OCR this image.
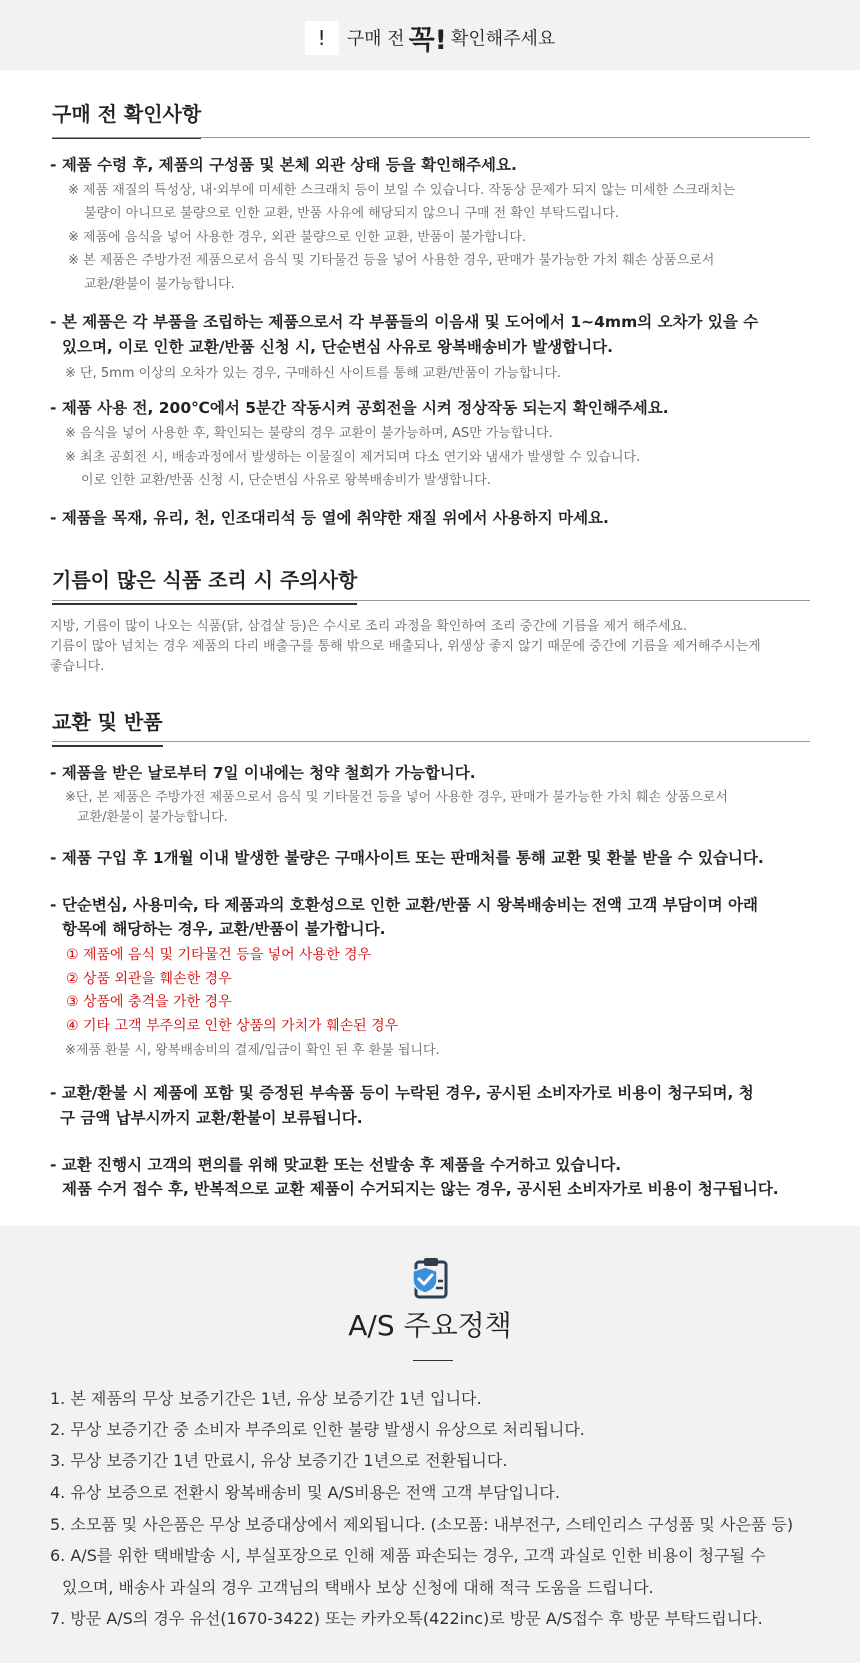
! 구매 전 꼭! 확인해주세요
구매 전 확인사항
- 제품 수령 후, 제품의 구성품 및 본체 외관 상태 등을 확인해주세요.
※ 제품 재질의 특성상, 내·외부에 미세한 스크래치 등이 보일 수 있습니다. 작동상 문제가 되지 않는 미세한 스크래치는
불량이 아니므로 불량으로 인한 교환, 반품 사유에 해당되지 않으니 구매 전 확인 부탁드립니다.
※ 제품에 음식을 넣어 사용한 경우, 외관 불량으로 인한 교환, 반품이 불가합니다.
※ 본 제품은 주방가전 제품으로서 음식 및 기타물건 등을 넣어 사용한 경우, 판매가 불가능한 가치 훼손 상품으로서
교환/환불이 불가능합니다.
- 본 제품은 각 부품을 조립하는 제품으로서 각 부품들의 이음새 및 도어에서 1~4mm의 오차가 있을 수
있으며, 이로 인한 교환/반품 신청 시, 단순변심 사유로 왕복배송비가 발생합니다.
※ 단, 5mm 이상의 오차가 있는 경우, 구매하신 사이트를 통해 교환/반품이 가능합니다.
- 제품 사용 전, 200℃에서 5분간 작동시켜 공회전을 시켜 정상작동 되는지 확인해주세요.
※ 음식을 넣어 사용한 후, 확인되는 불량의 경우 교환이 불가능하며, AS만 가능합니다.
※ 최초 공회전 시, 배송과정에서 발생하는 이물질이 제거되며 다소 연기와 냄새가 발생할 수 있습니다.
이로 인한 교환/반품 신청 시, 단순변심 사유로 왕복배송비가 발생합니다.
- 제품을 목재, 유리, 천, 인조대리석 등 열에 취약한 재질 위에서 사용하지 마세요.
기름이 많은 식품 조리 시 주의사항
지방, 기름이 많이 나오는 식품(닭, 삼겹살 등)은 수시로 조리 과정을 확인하여 조리 중간에 기름을 제거 해주세요.
기름이 많아 넘치는 경우 제품의 다리 배출구를 통해 밖으로 배출되나, 위생상 좋지 않기 때문에 중간에 기름을 제거해주시는게
좋습니다.
교환 및 반품
- 제품을 받은 날로부터 7일 이내에는 청약 철회가 가능합니다.
※단, 본 제품은 주방가전 제품으로서 음식 및 기타물건 등을 넣어 사용한 경우, 판매가 불가능한 가치 훼손 상품으로서
교환/환불이 불가능합니다.
- 제품 구입 후 1개월 이내 발생한 불량은 구매사이트 또는 판매처를 통해 교환 및 환불 받을 수 있습니다.
- 단순변심, 사용미숙, 타 제품과의 호환성으로 인한 교환/반품 시 왕복배송비는 전액 고객 부담이며 아래
항목에 해당하는 경우, 교환/반품이 불가합니다.
① 제품에 음식 및 기타물건 등을 넣어 사용한 경우
② 상품 외관을 훼손한 경우
③ 상품에 충격을 가한 경우
④ 기타 고객 부주의로 인한 상품의 가치가 훼손된 경우
※제품 환불 시, 왕복배송비의 결제/입금이 확인 된 후 환불 됩니다.
- 교환/환불 시 제품에 포함 및 증정된 부속품 등이 누락된 경우, 공시된 소비자가로 비용이 청구되며, 청
구 금액 납부시까지 교환/환불이 보류됩니다.
- 교환 진행시 고객의 편의를 위해 맞교환 또는 선발송 후 제품을 수거하고 있습니다.
제품 수거 접수 후, 반복적으로 교환 제품이 수거되지는 않는 경우, 공시된 소비자가로 비용이 청구됩니다.
A/S 주요정책
1. 본 제품의 무상 보증기간은 1년, 유상 보증기간 1년 입니다.
2. 무상 보증기간 중 소비자 부주의로 인한 불량 발생시 유상으로 처리됩니다.
3. 무상 보증기간 1년 만료시, 유상 보증기간 1년으로 전환됩니다.
4. 유상 보증으로 전환시 왕복배송비 및 A/S비용은 전액 고객 부담입니다.
5. 소모품 및 사은품은 무상 보증대상에서 제외됩니다. (소모품: 내부전구, 스테인리스 구성품 및 사은품 등)
6. A/S를 위한 택배발송 시, 부실포장으로 인해 제품 파손되는 경우, 고객 과실로 인한 비용이 청구될 수
있으며, 배송사 과실의 경우 고객님의 택배사 보상 신청에 대해 적극 도움을 드립니다.
7. 방문 A/S의 경우 유선(1670-3422) 또는 카카오톡(422inc)로 방문 A/S접수 후 방문 부탁드립니다.
